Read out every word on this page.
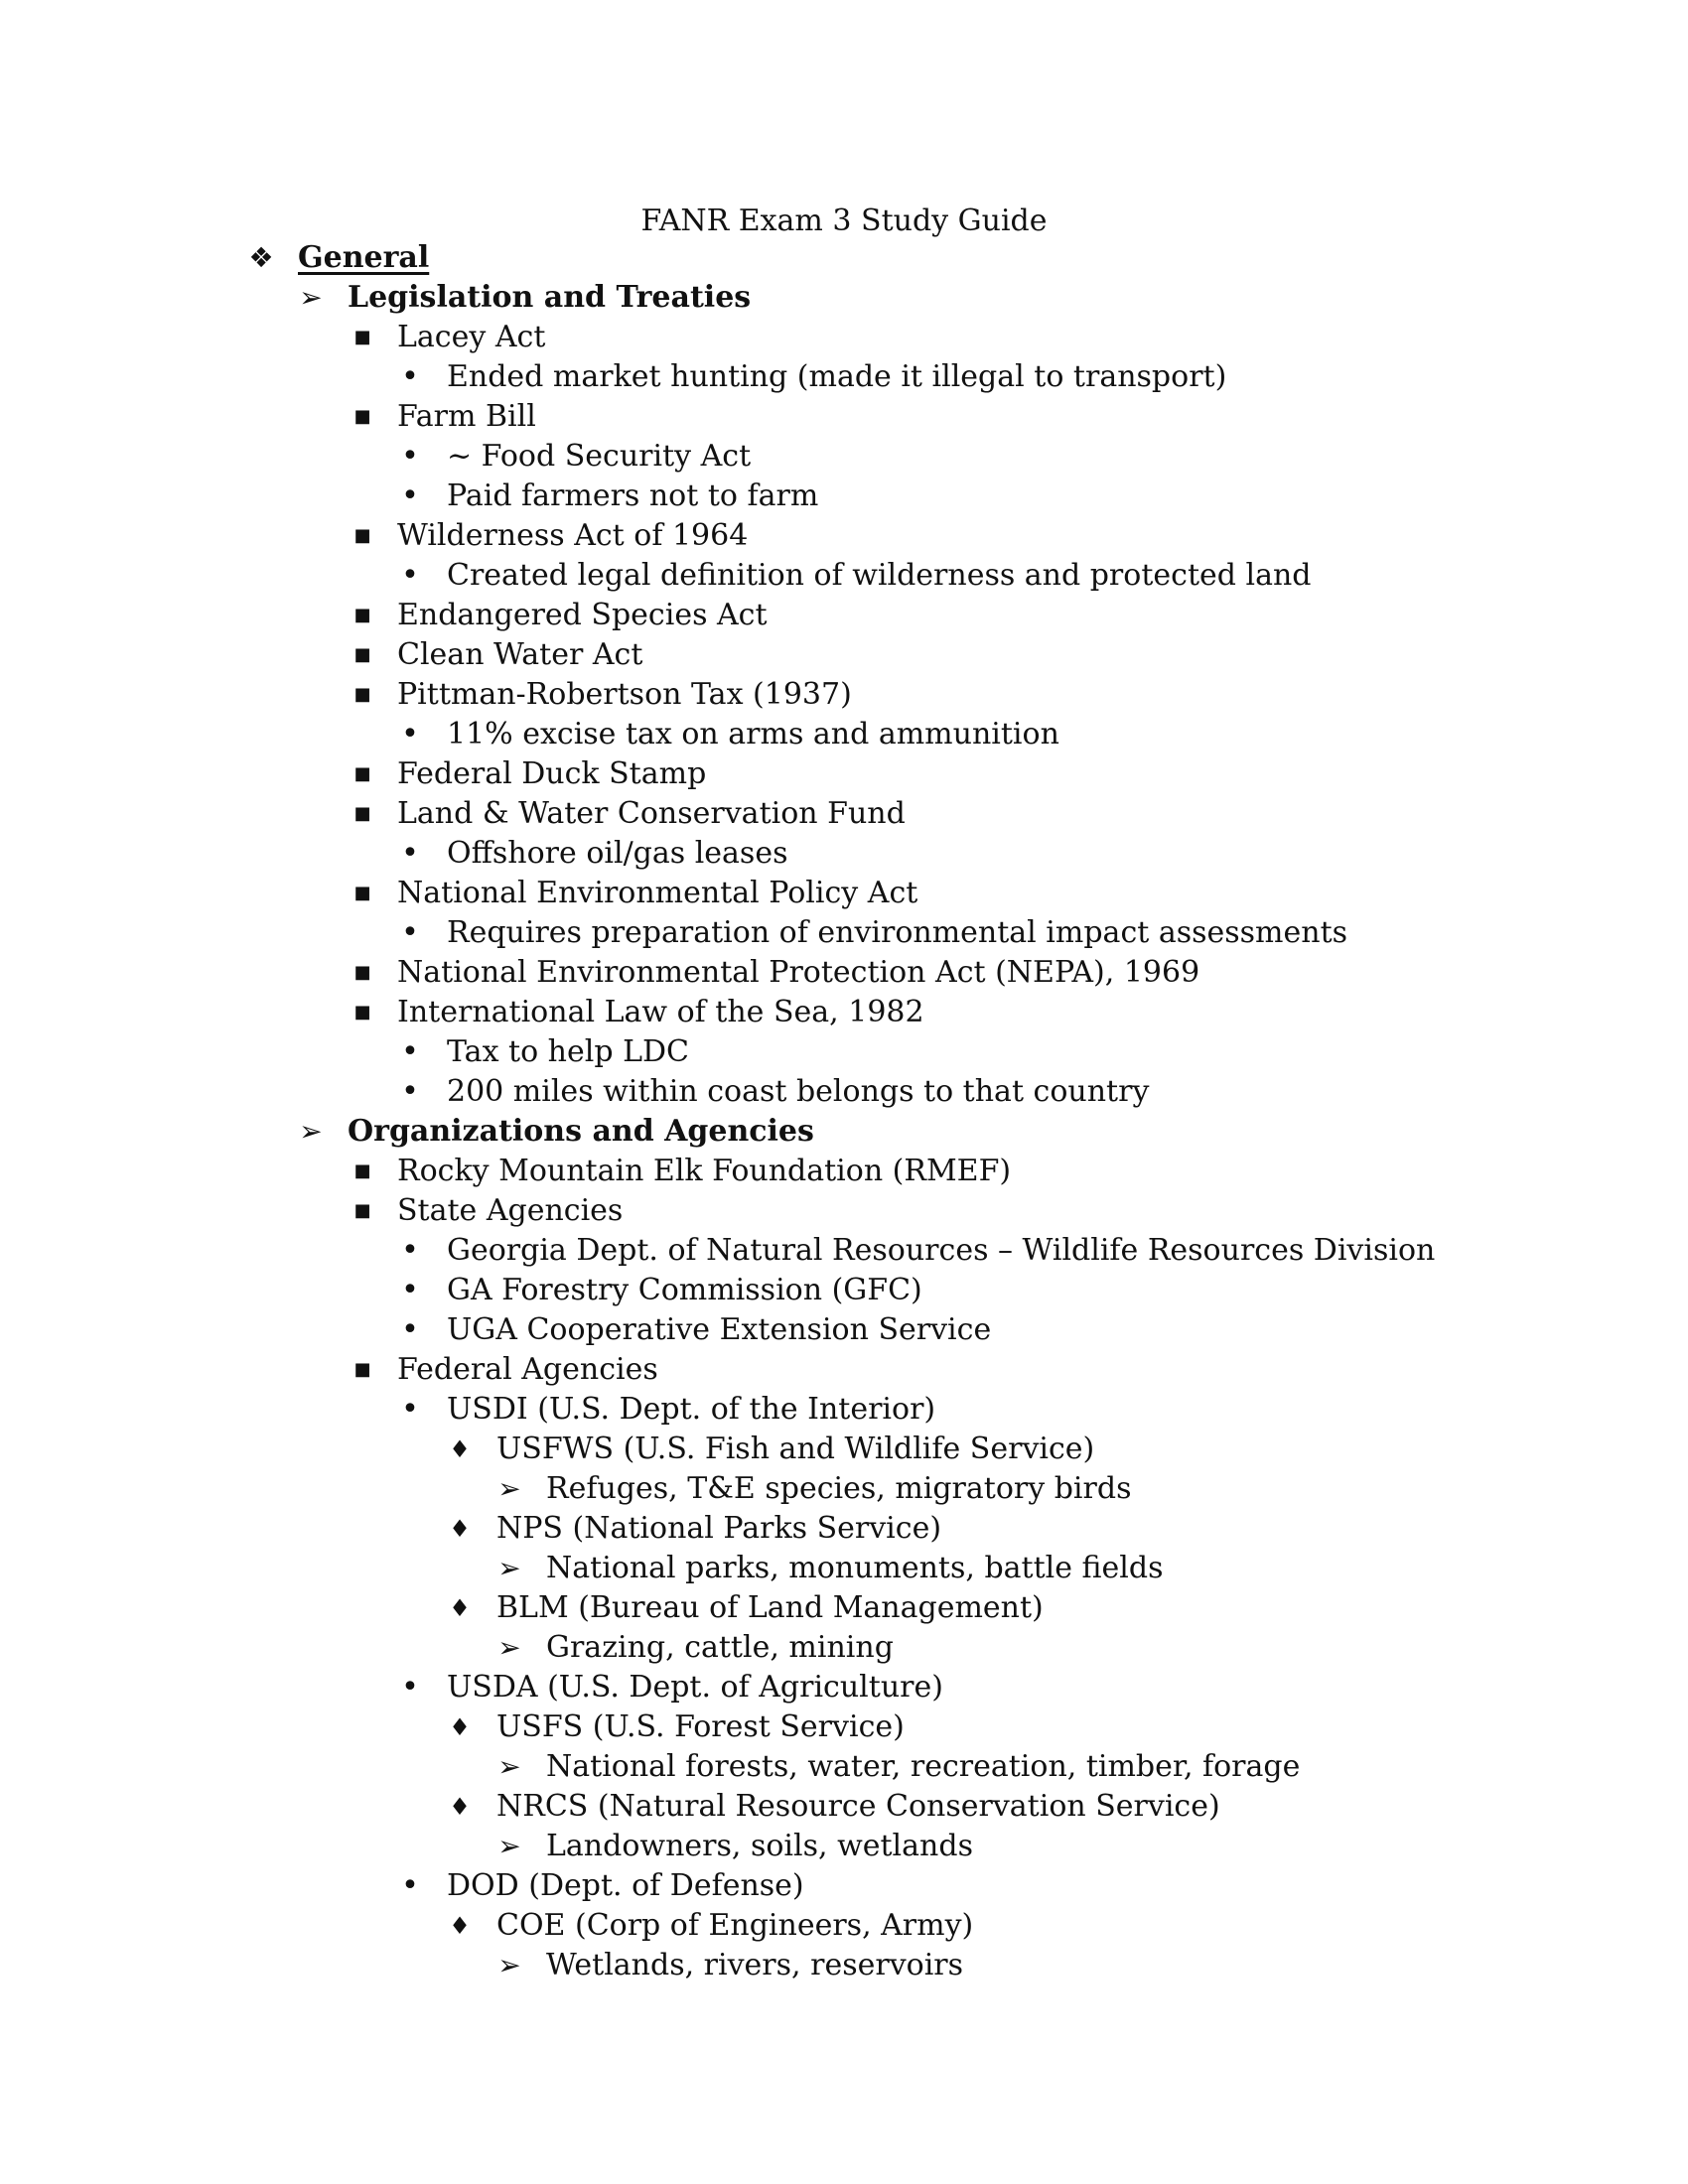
FANR Exam 3 Study Guide
❖ General
➢ Legislation and Treaties
■ Lacey Act
• Ended market hunting (made it illegal to transport)
■ Farm Bill
• ~ Food Security Act
• Paid farmers not to farm
■ Wilderness Act of 1964
• Created legal definition of wilderness and protected land
■ Endangered Species Act
■ Clean Water Act
■ Pittman-Robertson Tax (1937)
• 11% excise tax on arms and ammunition
■ Federal Duck Stamp
■ Land & Water Conservation Fund
• Offshore oil/gas leases
■ National Environmental Policy Act
• Requires preparation of environmental impact assessments
■ National Environmental Protection Act (NEPA), 1969
■ International Law of the Sea, 1982
• Tax to help LDC
• 200 miles within coast belongs to that country
➢ Organizations and Agencies
■ Rocky Mountain Elk Foundation (RMEF)
■ State Agencies
• Georgia Dept. of Natural Resources – Wildlife Resources Division
• GA Forestry Commission (GFC)
• UGA Cooperative Extension Service
■ Federal Agencies
• USDI (U.S. Dept. of the Interior)
♦ USFWS (U.S. Fish and Wildlife Service)
➢ Refuges, T&E species, migratory birds
♦ NPS (National Parks Service)
➢ National parks, monuments, battle fields
♦ BLM (Bureau of Land Management)
➢ Grazing, cattle, mining
• USDA (U.S. Dept. of Agriculture)
♦ USFS (U.S. Forest Service)
➢ National forests, water, recreation, timber, forage
♦ NRCS (Natural Resource Conservation Service)
➢ Landowners, soils, wetlands
• DOD (Dept. of Defense)
♦ COE (Corp of Engineers, Army)
➢ Wetlands, rivers, reservoirs
